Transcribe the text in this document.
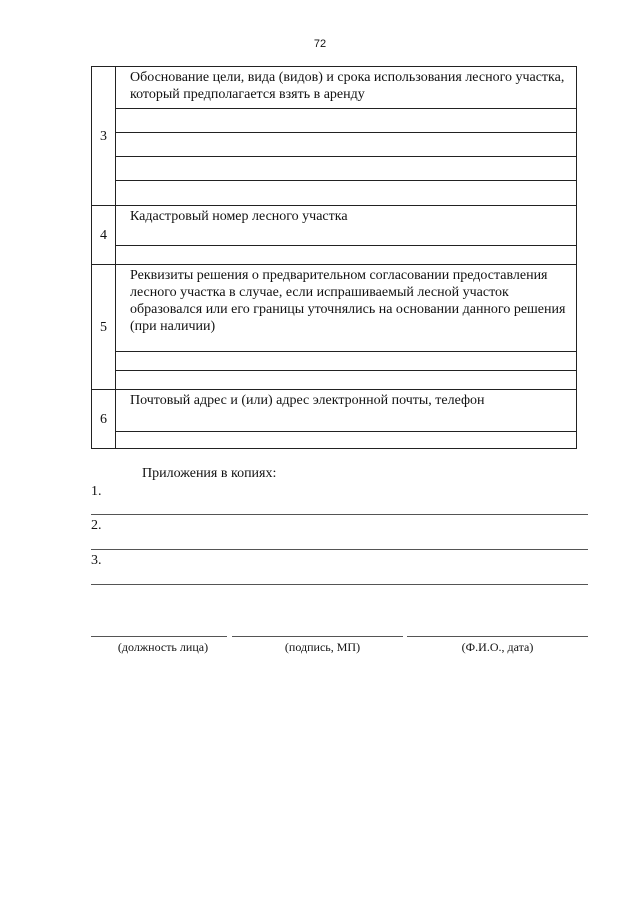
72
3	Обоснование цели, вида (видов) и срока использования лесного участка, который предполагается взять в аренду

4	Кадастровый номер лесного участка

5	Реквизиты решения о предварительном согласовании предоставления лесного участка в случае, если испрашиваемый лесной участок образовался или его границы уточнялись на основании данного решения (при наличии)

6	Почтовый адрес и (или) адрес электронной почты, телефон

Приложения в копиях:
1.
2.
3.
(должность лица)	(подпись, МП)	(Ф.И.О., дата)
